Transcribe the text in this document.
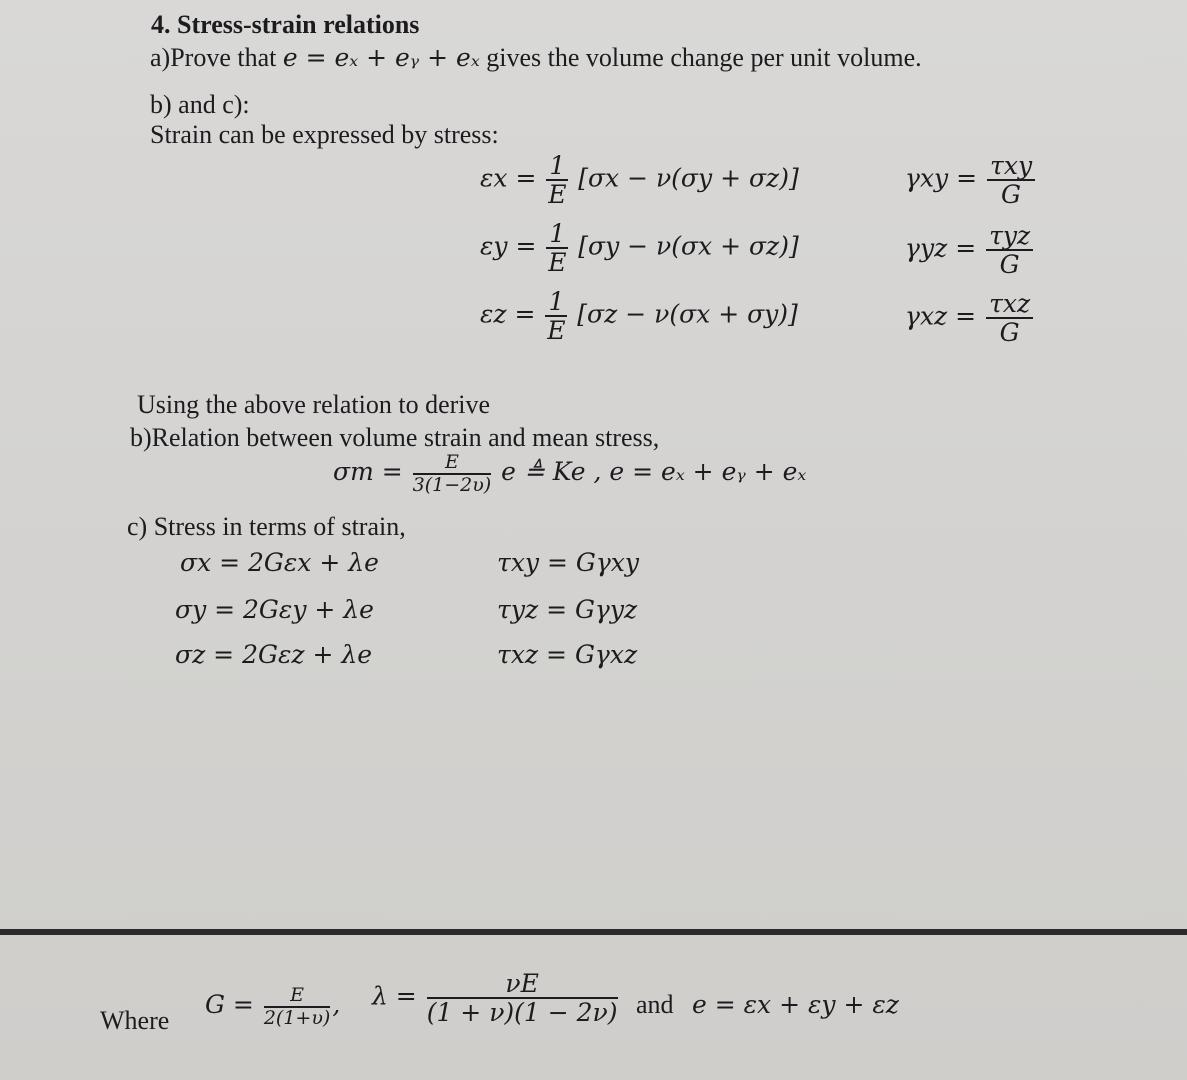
4. Stress-strain relations
a)Prove that e = eₓ + eᵧ + eₓ gives the volume change per unit volume.
b) and c):
Strain can be expressed by stress:
$\varepsilon x = \frac{1}{E} [\sigma x - \nu(\sigma y + \sigma z)]$
$\varepsilon y = \frac{1}{E} [\sigma y - \nu(\sigma x + \sigma z)]$
$\varepsilon z = \frac{1}{E} [\sigma z - \nu(\sigma x + \sigma y)]$
$\gamma xy = \frac{\text{τxy}}{G}$
$\gamma yz = \frac{\text{τyz}}{G}$
$\gamma xz = \frac{\text{τxz}}{G}$
Using the above relation to derive
b)Relation between volume strain and mean stress,
$\sigma m = \frac{E}{3(1-2\upsilon)}$ e ≜ Ke , e = eₓ + eᵧ + eₓ
c) Stress in terms of strain,
σx = 2Gεx + λe
σy = 2Gεy + λe
σz = 2Gεz + λe
τxy = Gγxy
τyz = Gγyz
τxz = Gγxz
Where
$G = \frac{E}{2(1+\upsilon)}$ , $\lambda = \frac{\nu E}{(1 + \nu)(1 - 2\nu)}$ and e = εx + εy + εz
